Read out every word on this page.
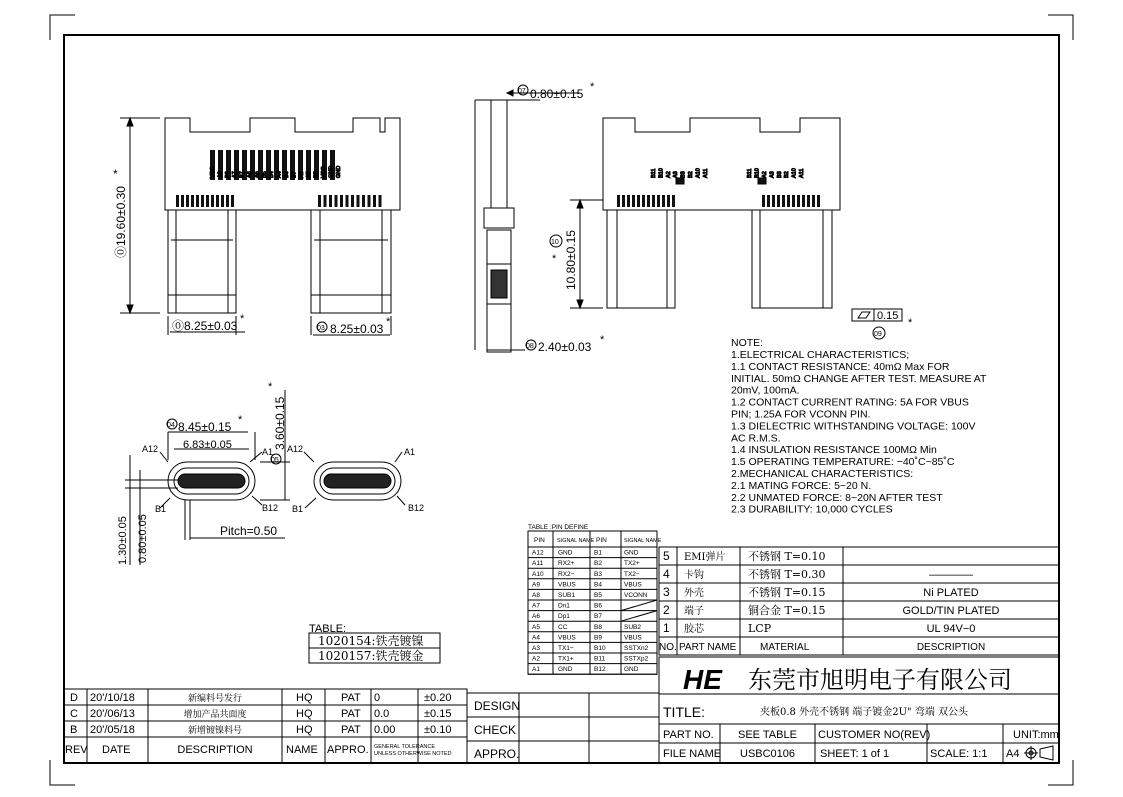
VCC A8 B8 A7 B7 A6 A5 B5 B4 A4 B6 B7 A6 A5 B5 VCC GND GND
⓪19.60±0.30
*
⓪8.25±0.03	8.25±0.03
03
*	*
07 0.80±0.15 *
08 2.40±0.03 *
B11 B10 A2 A3 B3 B2 A10 A11	B11 B10 A2 A3 B3 B2 A10 A11
10.80±0.15
10
*
0.15
09
*
04 8.45±0.15 *
6.83±0.05	3.60±0.15
05
*
Pitch=0.50
1.30±0.05 0.80±0.05
A12	A1
B1	B12
A12	A1
B1	B12
NOTE:
1.ELECTRICAL CHARACTERISTICS;
1.1 CONTACT RESISTANCE: 40mΩ Max FOR
INITIAL. 50mΩ CHANGE AFTER TEST. MEASURE AT
20mV, 100mA.
1.2 CONTACT CURRENT RATING: 5A FOR VBUS
PIN; 1.25A FOR VCONN PIN.
1.3 DIELECTRIC WITHSTANDING VOLTAGE: 100V
AC R.M.S.
1.4 INSULATION RESISTANCE 100MΩ Min
1.5 OPERATING TEMPERATURE: −40˚C~85˚C
2.MECHANICAL CHARACTERISTICS:
2.1 MATING FORCE: 5~20 N.
2.2 UNMATED FORCE: 8~20N AFTER TEST
2.3 DURABILITY: 10,000 CYCLES
TABLE:
1020154:铁壳镀镍
1020157:铁壳镀金
TABLE :PIN DEFINE
PIN SIGNAL NAME PIN	SIGNAL NAME
A12 GND	B1	GND
A11 RX2+	B2	TX2+
A10 RX2−	B3	TX2−
A9	VBUS	B4	VBUS
A8	SUB1	B5	VCONN
A7	Dn1	B6
A6	Dp1	B7
A5	CC	B8	SUB2
A4	VBUS	B9	VBUS
A3	TX1−	B10	SSTXn2
A2	TX1+	B11	SSTXp2
A1	GND	B12	GND
5 EMI弹片 不锈钢 T=0.10
4 卡钩	不锈钢 T=0.30	————
3 外壳	不锈钢 T=0.15	Ni PLATED
2 端子	铜合金 T=0.15	GOLD/TIN PLATED
1 胶芯	LCP	UL 94V−0
NO. PART NAME MATERIAL	DESCRIPTION
HE 东莞市旭明电子有限公司
TITLE:	夹板0.8 外壳不锈钢 端子镀金2U" 弯端 双公头
PART NO. SEE TABLE CUSTOMER NO(REV)	UNIT:mm
FILE NAME USBC0106 SHEET: 1 of 1	SCALE: 1:1 A4
DESIGN
CHECK
APPRO.
D 20'/10/18	新编料号发行	HQ	PAT 0	±0.20
C 20'/06/13	增加产品共面度	HQ	PAT 0.0	±0.15
B 20'/05/18	新增镀镍料号	HQ	PAT 0.00	±0.10
REV DATE	DESCRIPTION	NAME APPRO. GENERAL TOLERANCE
UNLESS OTHERWISE NOTED
